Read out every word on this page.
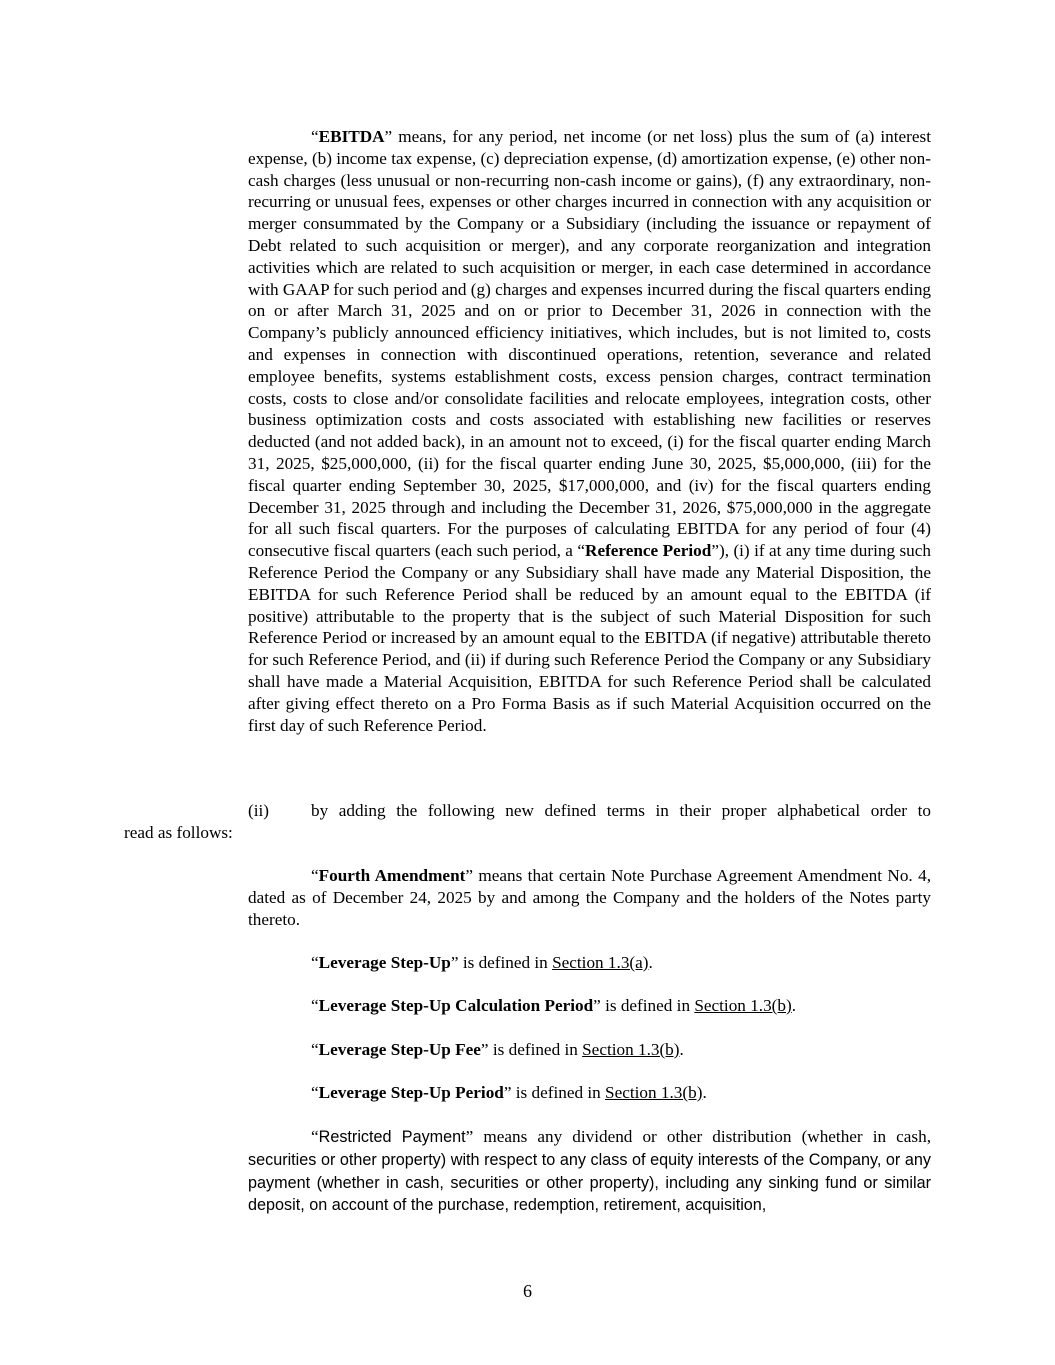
“EBITDA” means, for any period, net income (or net loss) plus the sum of (a) interest expense, (b) income tax expense, (c) depreciation expense, (d) amortization expense, (e) other non-cash charges (less unusual or non-recurring non-cash income or gains), (f) any extraordinary, non-recurring or unusual fees, expenses or other charges incurred in connection with any acquisition or merger consummated by the Company or a Subsidiary (including the issuance or repayment of Debt related to such acquisition or merger), and any corporate reorganization and integration activities which are related to such acquisition or merger, in each case determined in accordance with GAAP for such period and (g) charges and expenses incurred during the fiscal quarters ending on or after March 31, 2025 and on or prior to December 31, 2026 in connection with the Company’s publicly announced efficiency initiatives, which includes, but is not limited to, costs and expenses in connection with discontinued operations, retention, severance and related employee benefits, systems establishment costs, excess pension charges, contract termination costs, costs to close and/or consolidate facilities and relocate employees, integration costs, other business optimization costs and costs associated with establishing new facilities or reserves deducted (and not added back), in an amount not to exceed, (i) for the fiscal quarter ending March 31, 2025, $25,000,000, (ii) for the fiscal quarter ending June 30, 2025, $5,000,000, (iii) for the fiscal quarter ending September 30, 2025, $17,000,000, and (iv) for the fiscal quarters ending December 31, 2025 through and including the December 31, 2026, $75,000,000 in the aggregate for all such fiscal quarters. For the purposes of calculating EBITDA for any period of four (4) consecutive fiscal quarters (each such period, a “Reference Period”), (i) if at any time during such Reference Period the Company or any Subsidiary shall have made any Material Disposition, the EBITDA for such Reference Period shall be reduced by an amount equal to the EBITDA (if positive) attributable to the property that is the subject of such Material Disposition for such Reference Period or increased by an amount equal to the EBITDA (if negative) attributable thereto for such Reference Period, and (ii) if during such Reference Period the Company or any Subsidiary shall have made a Material Acquisition, EBITDA for such Reference Period shall be calculated after giving effect thereto on a Pro Forma Basis as if such Material Acquisition occurred on the first day of such Reference Period.

(ii)	by adding the following new defined terms in their proper alphabetical order to
read as follows:

“Fourth Amendment” means that certain Note Purchase Agreement Amendment No. 4, dated as of December 24, 2025 by and among the Company and the holders of the Notes party thereto.

“Leverage Step-Up” is defined in Section 1.3(a).

“Leverage Step-Up Calculation Period” is defined in Section 1.3(b).

“Leverage Step-Up Fee” is defined in Section 1.3(b).

“Leverage Step-Up Period” is defined in Section 1.3(b).

“Restricted Payment” means any dividend or other distribution (whether in cash, securities or other property) with respect to any class of equity interests of the Company, or any payment (whether in cash, securities or other property), including any sinking fund or similar deposit, on account of the purchase, redemption, retirement, acquisition,

6
